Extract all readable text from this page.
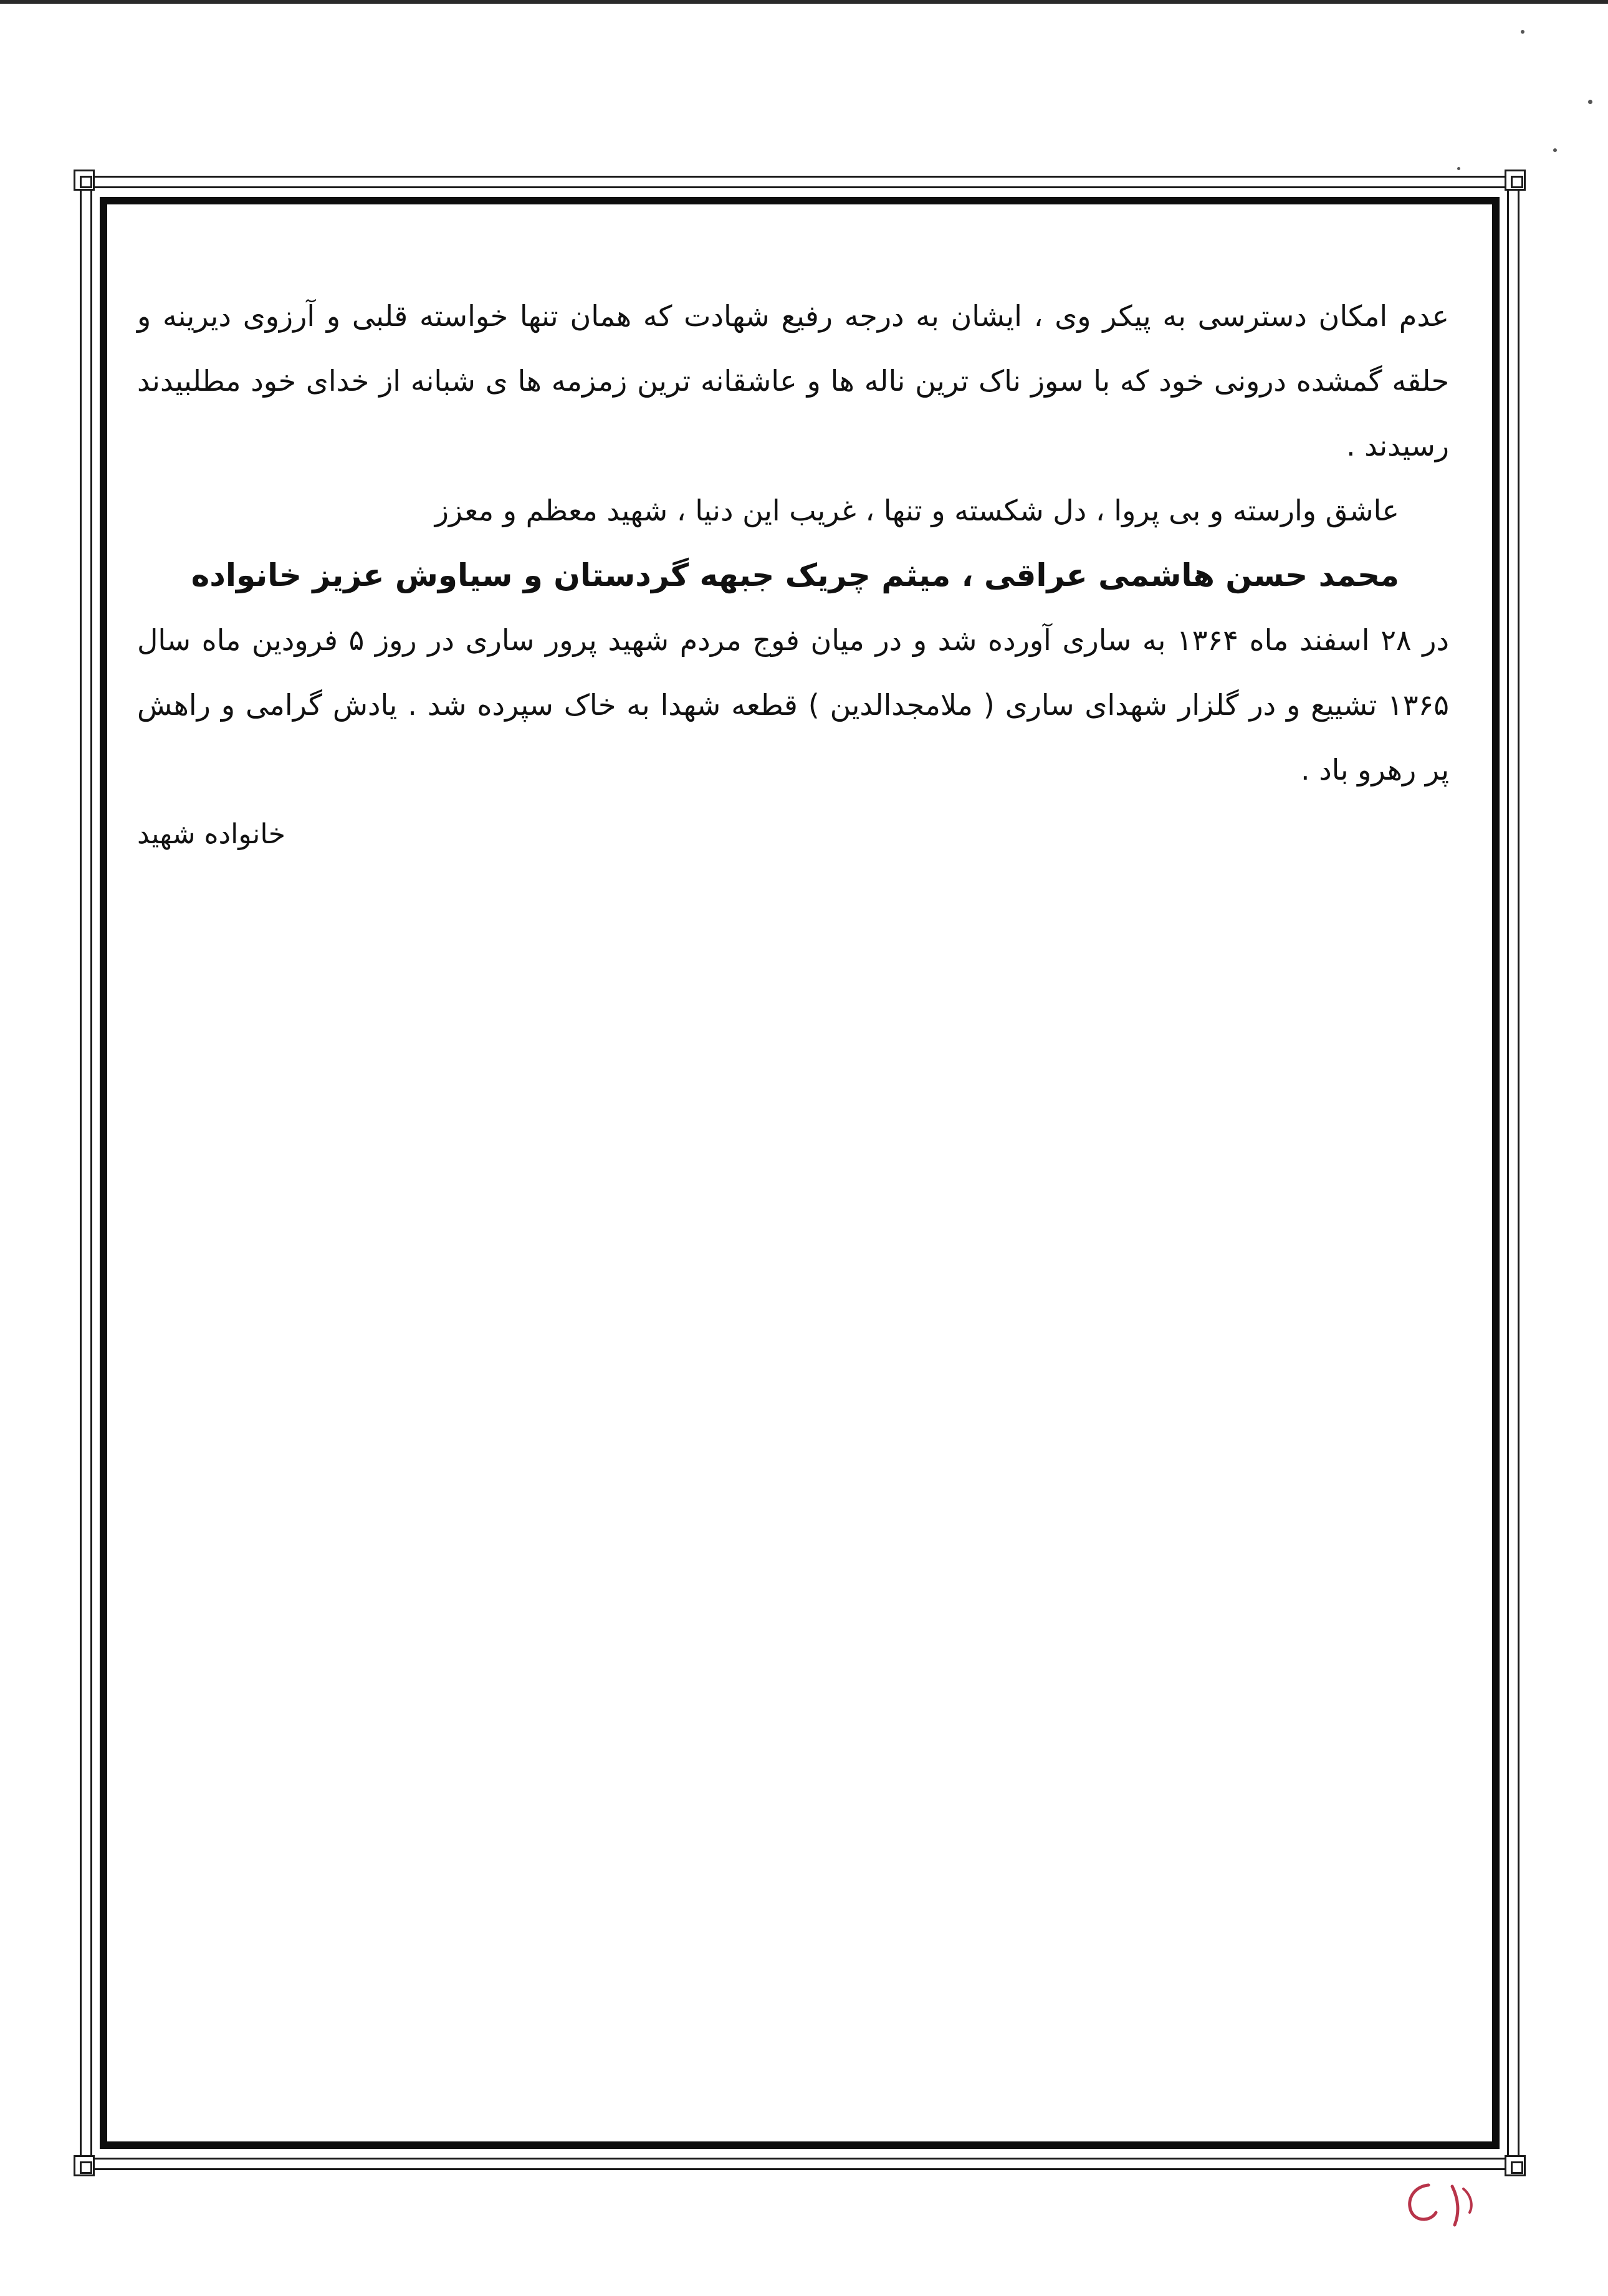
عدم امکان دسترسی به پیکر وی ، ایشان به درجه رفیع شهادت که همان تنها خواسته قلبی و آرزوی دیرینه و حلقه گمشده درونی خود که با سوز ناک ترین ناله ها و عاشقانه ترین زمزمه ها ی شبانه از خدای خود مطلبیدند رسیدند .

عاشق وارسته و بی پروا ، دل شکسته و تنها ، غریب این دنیا ، شهید معظم و معزز

محمد حسن هاشمی عراقی ، میثم چریک جبهه گردستان و سیاوش عزیز خانواده

در ۲۸ اسفند ماه ۱۳۶۴ به ساری آورده شد و در میان فوج مردم شهید پرور ساری در روز ۵ فرودین ماه سال ۱۳۶۵ تشییع و در گلزار شهدای ساری ( ملامجدالدین ) قطعه شهدا به خاک سپرده شد . یادش گرامی و راهش پر رهرو باد .

خانواده شهید
